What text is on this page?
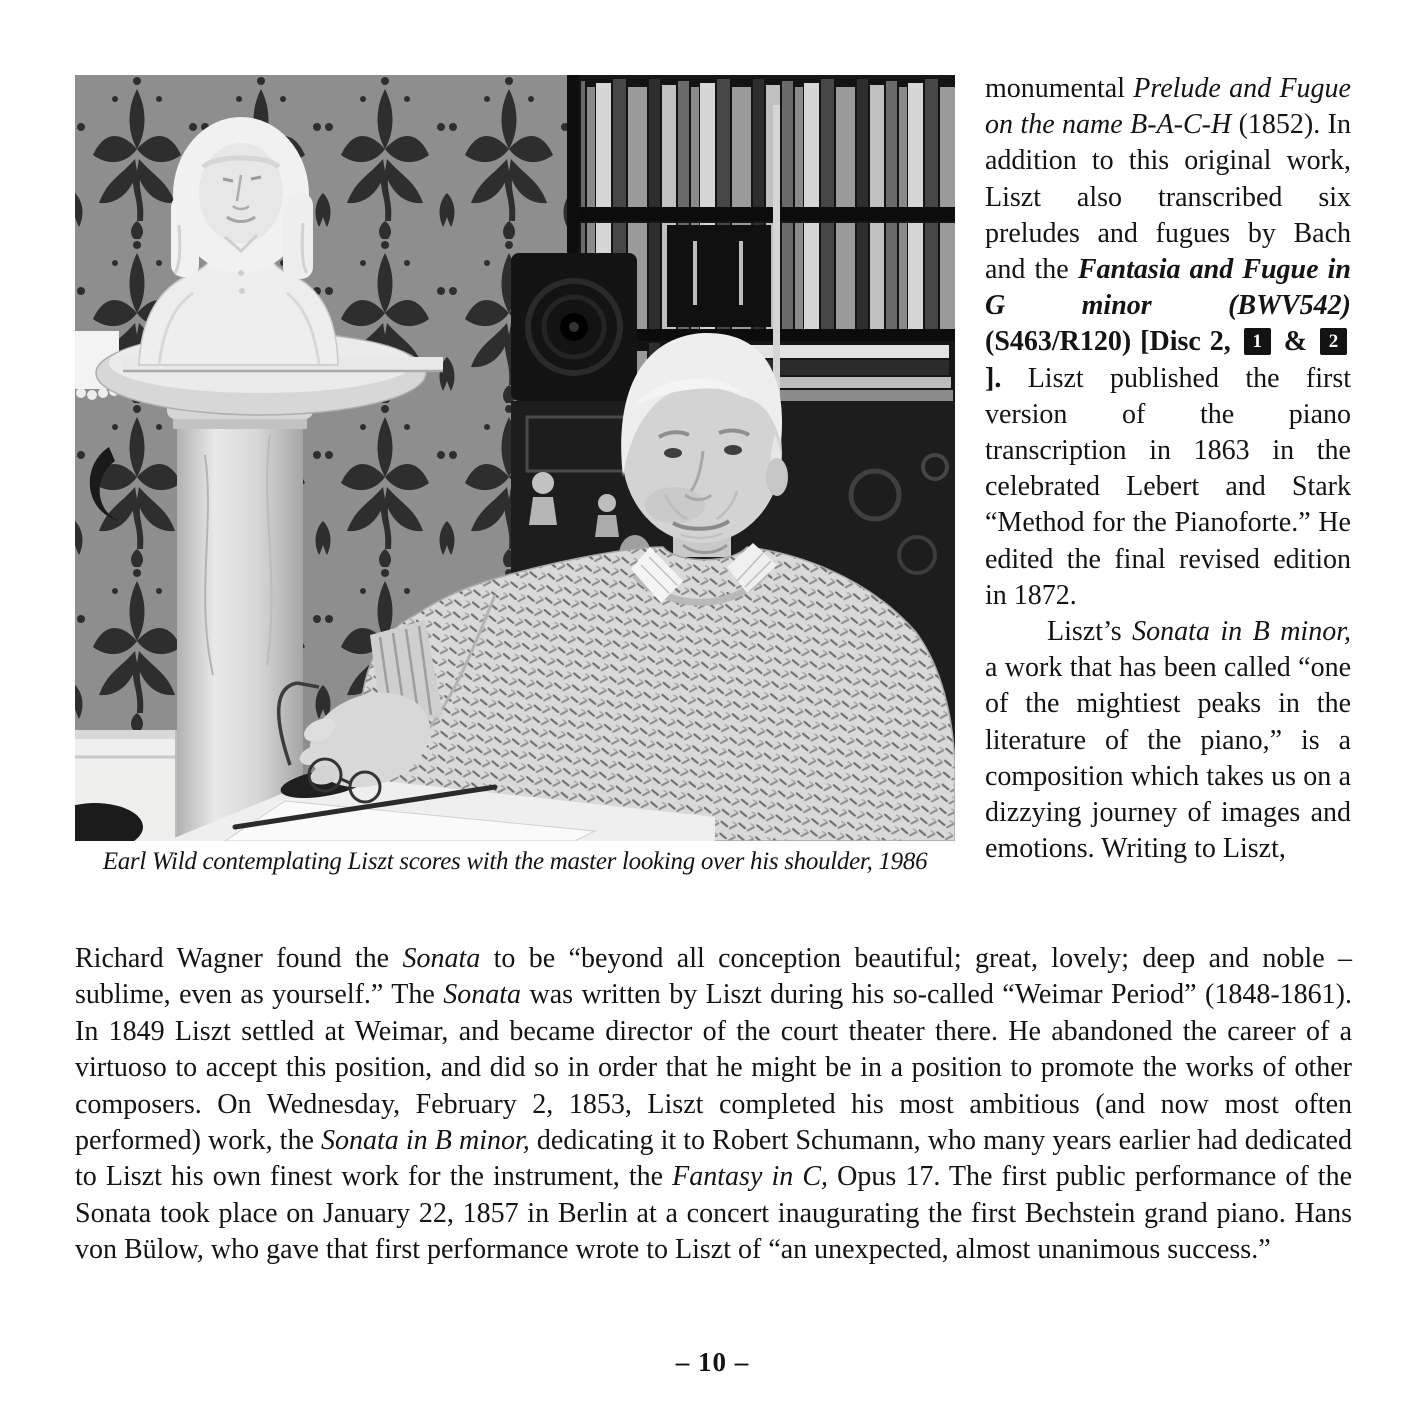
Earl Wild contemplating Liszt scores with the master looking over his shoulder, 1986

monumental Prelude and Fugue on the name B-A-C-H (1852). In addition to this original work, Liszt also transcribed six preludes and fugues by Bach and the Fantasia and Fugue in G minor (BWV542) (S463/R120) [Disc 2, 1 & 2]. Liszt published the first version of the piano transcription in 1863 in the celebrated Lebert and Stark “Method for the Pianoforte.” He edited the final revised edition in 1872.

Liszt’s Sonata in B minor, a work that has been called “one of the mightiest peaks in the literature of the piano,” is a composition which takes us on a dizzying journey of images and emotions. Writing to Liszt,

Richard Wagner found the Sonata to be “beyond all conception beautiful; great, lovely; deep and noble – sublime, even as yourself.” The Sonata was written by Liszt during his so-called “Weimar Period” (1848-1861). In 1849 Liszt settled at Weimar, and became director of the court theater there. He abandoned the career of a virtuoso to accept this position, and did so in order that he might be in a position to promote the works of other composers. On Wednesday, February 2, 1853, Liszt completed his most ambitious (and now most often performed) work, the Sonata in B minor, dedicating it to Robert Schumann, who many years earlier had dedicated to Liszt his own finest work for the instrument, the Fantasy in C, Opus 17. The first public performance of the Sonata took place on January 22, 1857 in Berlin at a concert inaugurating the first Bechstein grand piano. Hans von Bülow, who gave that first performance wrote to Liszt of “an unexpected, almost unanimous success.”
– 10 –
